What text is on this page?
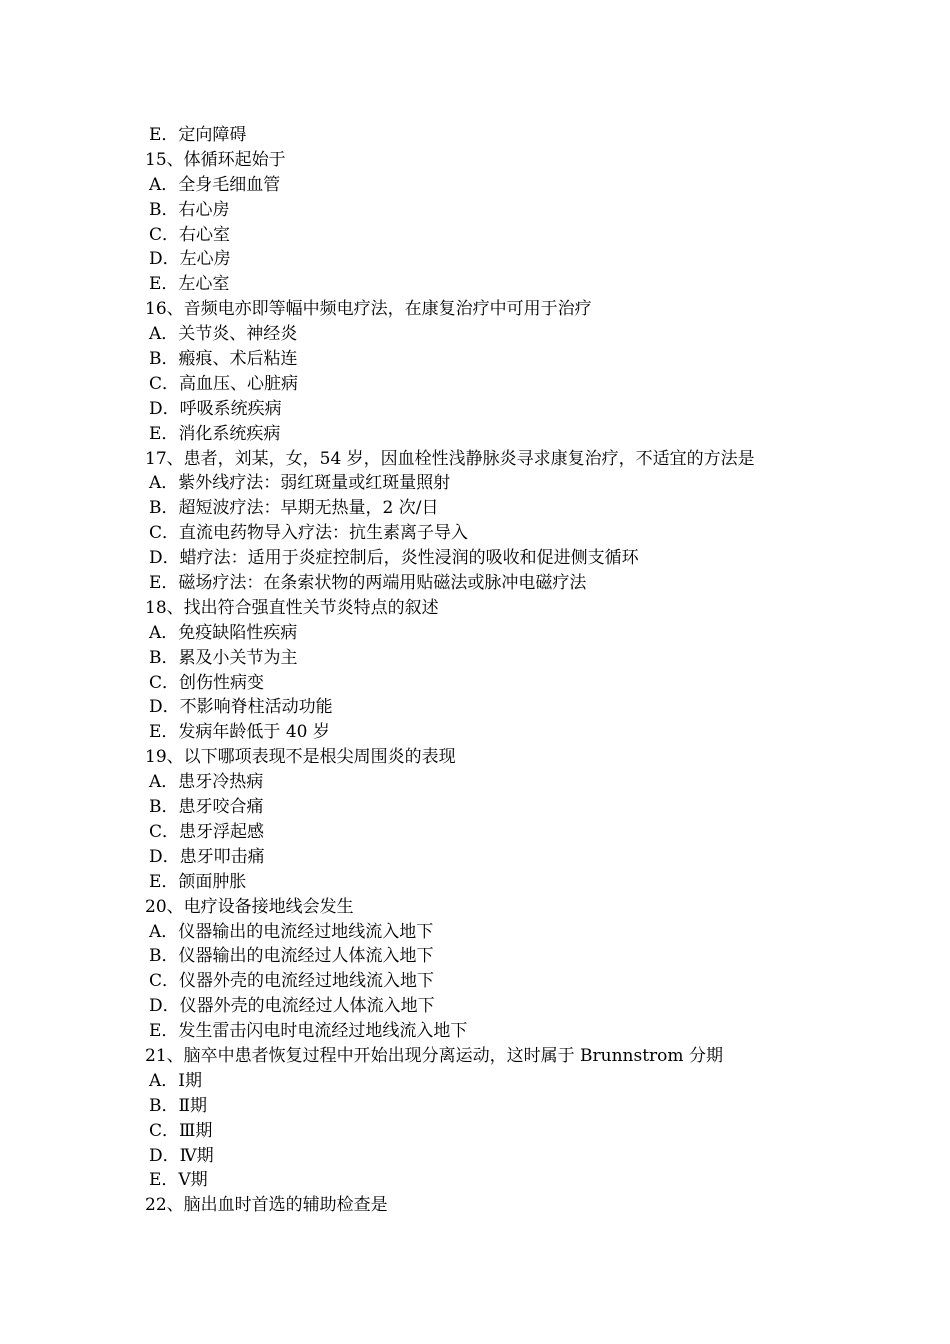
E．定向障碍
15、体循环起始于
A．全身毛细血管
B．右心房
C．右心室
D．左心房
E．左心室
16、音频电亦即等幅中频电疗法，在康复治疗中可用于治疗
A．关节炎、神经炎
B．瘢痕、术后粘连
C．高血压、心脏病
D．呼吸系统疾病
E．消化系统疾病
17、患者，刘某，女，54 岁，因血栓性浅静脉炎寻求康复治疗，不适宜的方法是
A．紫外线疗法：弱红斑量或红斑量照射
B．超短波疗法：早期无热量，2 次/日
C．直流电药物导入疗法：抗生素离子导入
D．蜡疗法：适用于炎症控制后，炎性浸润的吸收和促进侧支循环
E．磁场疗法：在条索状物的两端用贴磁法或脉冲电磁疗法
18、找出符合强直性关节炎特点的叙述
A．免疫缺陷性疾病
B．累及小关节为主
C．创伤性病变
D．不影响脊柱活动功能
E．发病年龄低于 40 岁
19、以下哪项表现不是根尖周围炎的表现
A．患牙冷热病
B．患牙咬合痛
C．患牙浮起感
D．患牙叩击痛
E．颌面肿胀
20、电疗设备接地线会发生
A．仪器输出的电流经过地线流入地下
B．仪器输出的电流经过人体流入地下
C．仪器外壳的电流经过地线流入地下
D．仪器外壳的电流经过人体流入地下
E．发生雷击闪电时电流经过地线流入地下
21、脑卒中患者恢复过程中开始出现分离运动，这时属于 Brunnstrom 分期
A．Ⅰ期
B．Ⅱ期
C．Ⅲ期
D．Ⅳ期
E．Ⅴ期
22、脑出血时首选的辅助检查是
